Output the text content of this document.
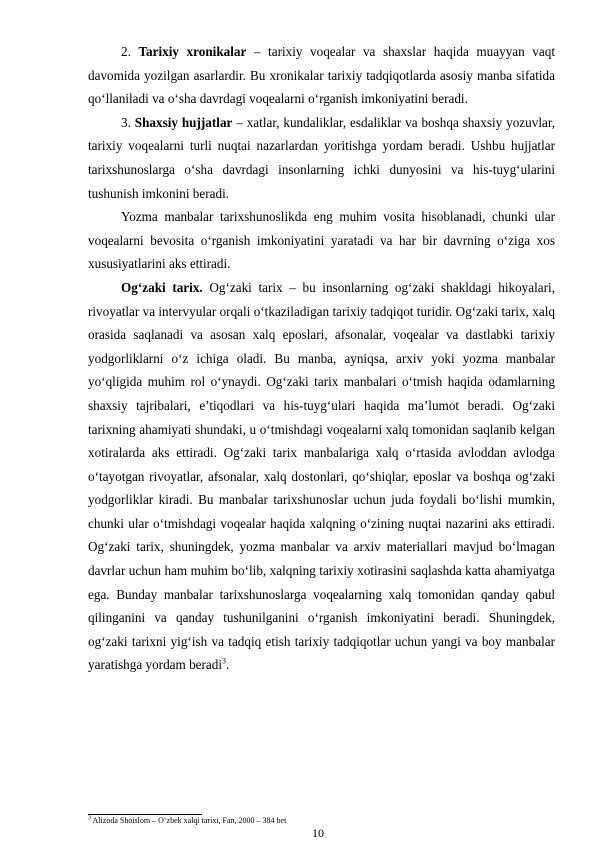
2. Tarixiy xronikalar – tarixiy voqealar va shaxslar haqida muayyan vaqt davomida yozilgan asarlardir. Bu xronikalar tarixiy tadqiqotlarda asosiy manba sifatida qo‘llaniladi va o‘sha davrdagi voqealarni o‘rganish imkoniyatini beradi.

3. Shaxsiy hujjatlar – xatlar, kundaliklar, esdaliklar va boshqa shaxsiy yozuvlar, tarixiy voqealarni turli nuqtai nazarlardan yoritishga yordam beradi. Ushbu hujjatlar tarixshunoslarga o‘sha davrdagi insonlarning ichki dunyosini va his-tuyg‘ularini tushunish imkonini beradi.

Yozma manbalar tarixshunoslikda eng muhim vosita hisoblanadi, chunki ular voqealarni bevosita o‘rganish imkoniyatini yaratadi va har bir davrning o‘ziga xos xususiyatlarini aks ettiradi.

Og‘zaki tarix. Og‘zaki tarix – bu insonlarning og‘zaki shakldagi hikoyalari, rivoyatlar va intervyular orqali o‘tkaziladigan tarixiy tadqiqot turidir. Og‘zaki tarix, xalq orasida saqlanadi va asosan xalq eposlari, afsonalar, voqealar va dastlabki tarixiy yodgorliklarni o‘z ichiga oladi. Bu manba, ayniqsa, arxiv yoki yozma manbalar yo‘qligida muhim rol o‘ynaydi. Og‘zaki tarix manbalari o‘tmish haqida odamlarning shaxsiy tajribalari, e’tiqodlari va his-tuyg‘ulari haqida ma’lumot beradi. Og‘zaki tarixning ahamiyati shundaki, u o‘tmishdagi voqealarni xalq tomonidan saqlanib kelgan xotiralarda aks ettiradi. Og‘zaki tarix manbalariga xalq o‘rtasida avloddan avlodga o‘tayotgan rivoyatlar, afsonalar, xalq dostonlari, qo‘shiqlar, eposlar va boshqa og‘zaki yodgorliklar kiradi. Bu manbalar tarixshunoslar uchun juda foydali bo‘lishi mumkin, chunki ular o‘tmishdagi voqealar haqida xalqning o‘zining nuqtai nazarini aks ettiradi. Og‘zaki tarix, shuningdek, yozma manbalar va arxiv materiallari mavjud bo‘lmagan davrlar uchun ham muhim bo‘lib, xalqning tarixiy xotirasini saqlashda katta ahamiyatga ega. Bunday manbalar tarixshunoslarga voqealarning xalq tomonidan qanday qabul qilinganini va qanday tushunilganini o‘rganish imkoniyatini beradi. Shuningdek, og‘zaki tarixni yig‘ish va tadqiq etish tarixiy tadqiqotlar uchun yangi va boy manbalar yaratishga yordam beradi$^3$.

$^3$ Alizoda Shoislom – O‘zbek xalqi tarixi, Fan, 2000 – 384 bet
10
